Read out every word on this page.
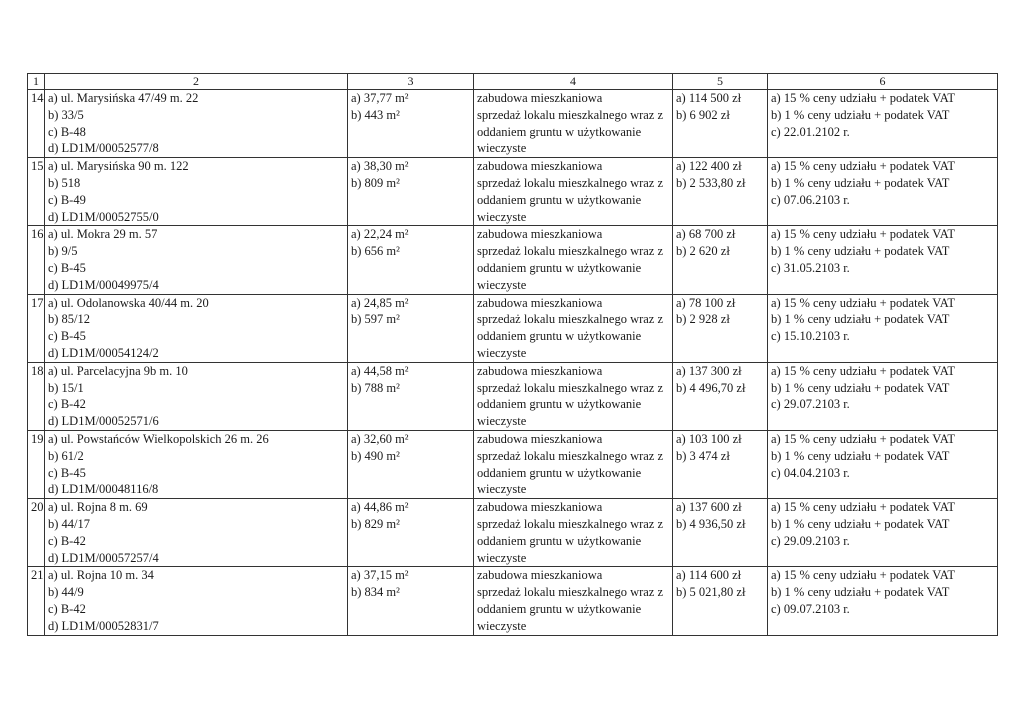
1	2	3	4	5	6
14	a) ul. Marysińska 47/49 m. 22
b) 33/5
c) B-48
d) LD1M/00052577/8	a) 37,77 m²
b) 443 m²	zabudowa mieszkaniowa
sprzedaż lokalu mieszkalnego wraz z
oddaniem gruntu w użytkowanie
wieczyste	a) 114 500 zł
b) 6 902 zł	a) 15 % ceny udziału + podatek VAT
b) 1 % ceny udziału + podatek VAT
c) 22.01.2102 r.

15	a) ul. Marysińska 90 m. 122
b) 518
c) B-49
d) LD1M/00052755/0	a) 38,30 m²
b) 809 m²	zabudowa mieszkaniowa
sprzedaż lokalu mieszkalnego wraz z
oddaniem gruntu w użytkowanie
wieczyste	a) 122 400 zł
b) 2 533,80 zł	a) 15 % ceny udziału + podatek VAT
b) 1 % ceny udziału + podatek VAT
c) 07.06.2103 r.

16	a) ul. Mokra 29 m. 57
b) 9/5
c) B-45
d) LD1M/00049975/4	a) 22,24 m²
b) 656 m²	zabudowa mieszkaniowa
sprzedaż lokalu mieszkalnego wraz z
oddaniem gruntu w użytkowanie
wieczyste	a) 68 700 zł
b) 2 620 zł	a) 15 % ceny udziału + podatek VAT
b) 1 % ceny udziału + podatek VAT
c) 31.05.2103 r.

17	a) ul. Odolanowska 40/44 m. 20
b) 85/12
c) B-45
d) LD1M/00054124/2	a) 24,85 m²
b) 597 m²	zabudowa mieszkaniowa
sprzedaż lokalu mieszkalnego wraz z
oddaniem gruntu w użytkowanie
wieczyste	a) 78 100 zł
b) 2 928 zł	a) 15 % ceny udziału + podatek VAT
b) 1 % ceny udziału + podatek VAT
c) 15.10.2103 r.

18	a) ul. Parcelacyjna 9b m. 10
b) 15/1
c) B-42
d) LD1M/00052571/6	a) 44,58 m²
b) 788 m²	zabudowa mieszkaniowa
sprzedaż lokalu mieszkalnego wraz z
oddaniem gruntu w użytkowanie
wieczyste	a) 137 300 zł
b) 4 496,70 zł	a) 15 % ceny udziału + podatek VAT
b) 1 % ceny udziału + podatek VAT
c) 29.07.2103 r.

19	a) ul. Powstańców Wielkopolskich 26 m. 26
b) 61/2
c) B-45
d) LD1M/00048116/8	a) 32,60 m²
b) 490 m²	zabudowa mieszkaniowa
sprzedaż lokalu mieszkalnego wraz z
oddaniem gruntu w użytkowanie
wieczyste	a) 103 100 zł
b) 3 474 zł	a) 15 % ceny udziału + podatek VAT
b) 1 % ceny udziału + podatek VAT
c) 04.04.2103 r.

20	a) ul. Rojna 8 m. 69
b) 44/17
c) B-42
d) LD1M/00057257/4	a) 44,86 m²
b) 829 m²	zabudowa mieszkaniowa
sprzedaż lokalu mieszkalnego wraz z
oddaniem gruntu w użytkowanie
wieczyste	a) 137 600 zł
b) 4 936,50 zł	a) 15 % ceny udziału + podatek VAT
b) 1 % ceny udziału + podatek VAT
c) 29.09.2103 r.

21	a) ul. Rojna 10 m. 34
b) 44/9
c) B-42
d) LD1M/00052831/7	a) 37,15 m²
b) 834 m²	zabudowa mieszkaniowa
sprzedaż lokalu mieszkalnego wraz z
oddaniem gruntu w użytkowanie
wieczyste	a) 114 600 zł
b) 5 021,80 zł	a) 15 % ceny udziału + podatek VAT
b) 1 % ceny udziału + podatek VAT
c) 09.07.2103 r.
